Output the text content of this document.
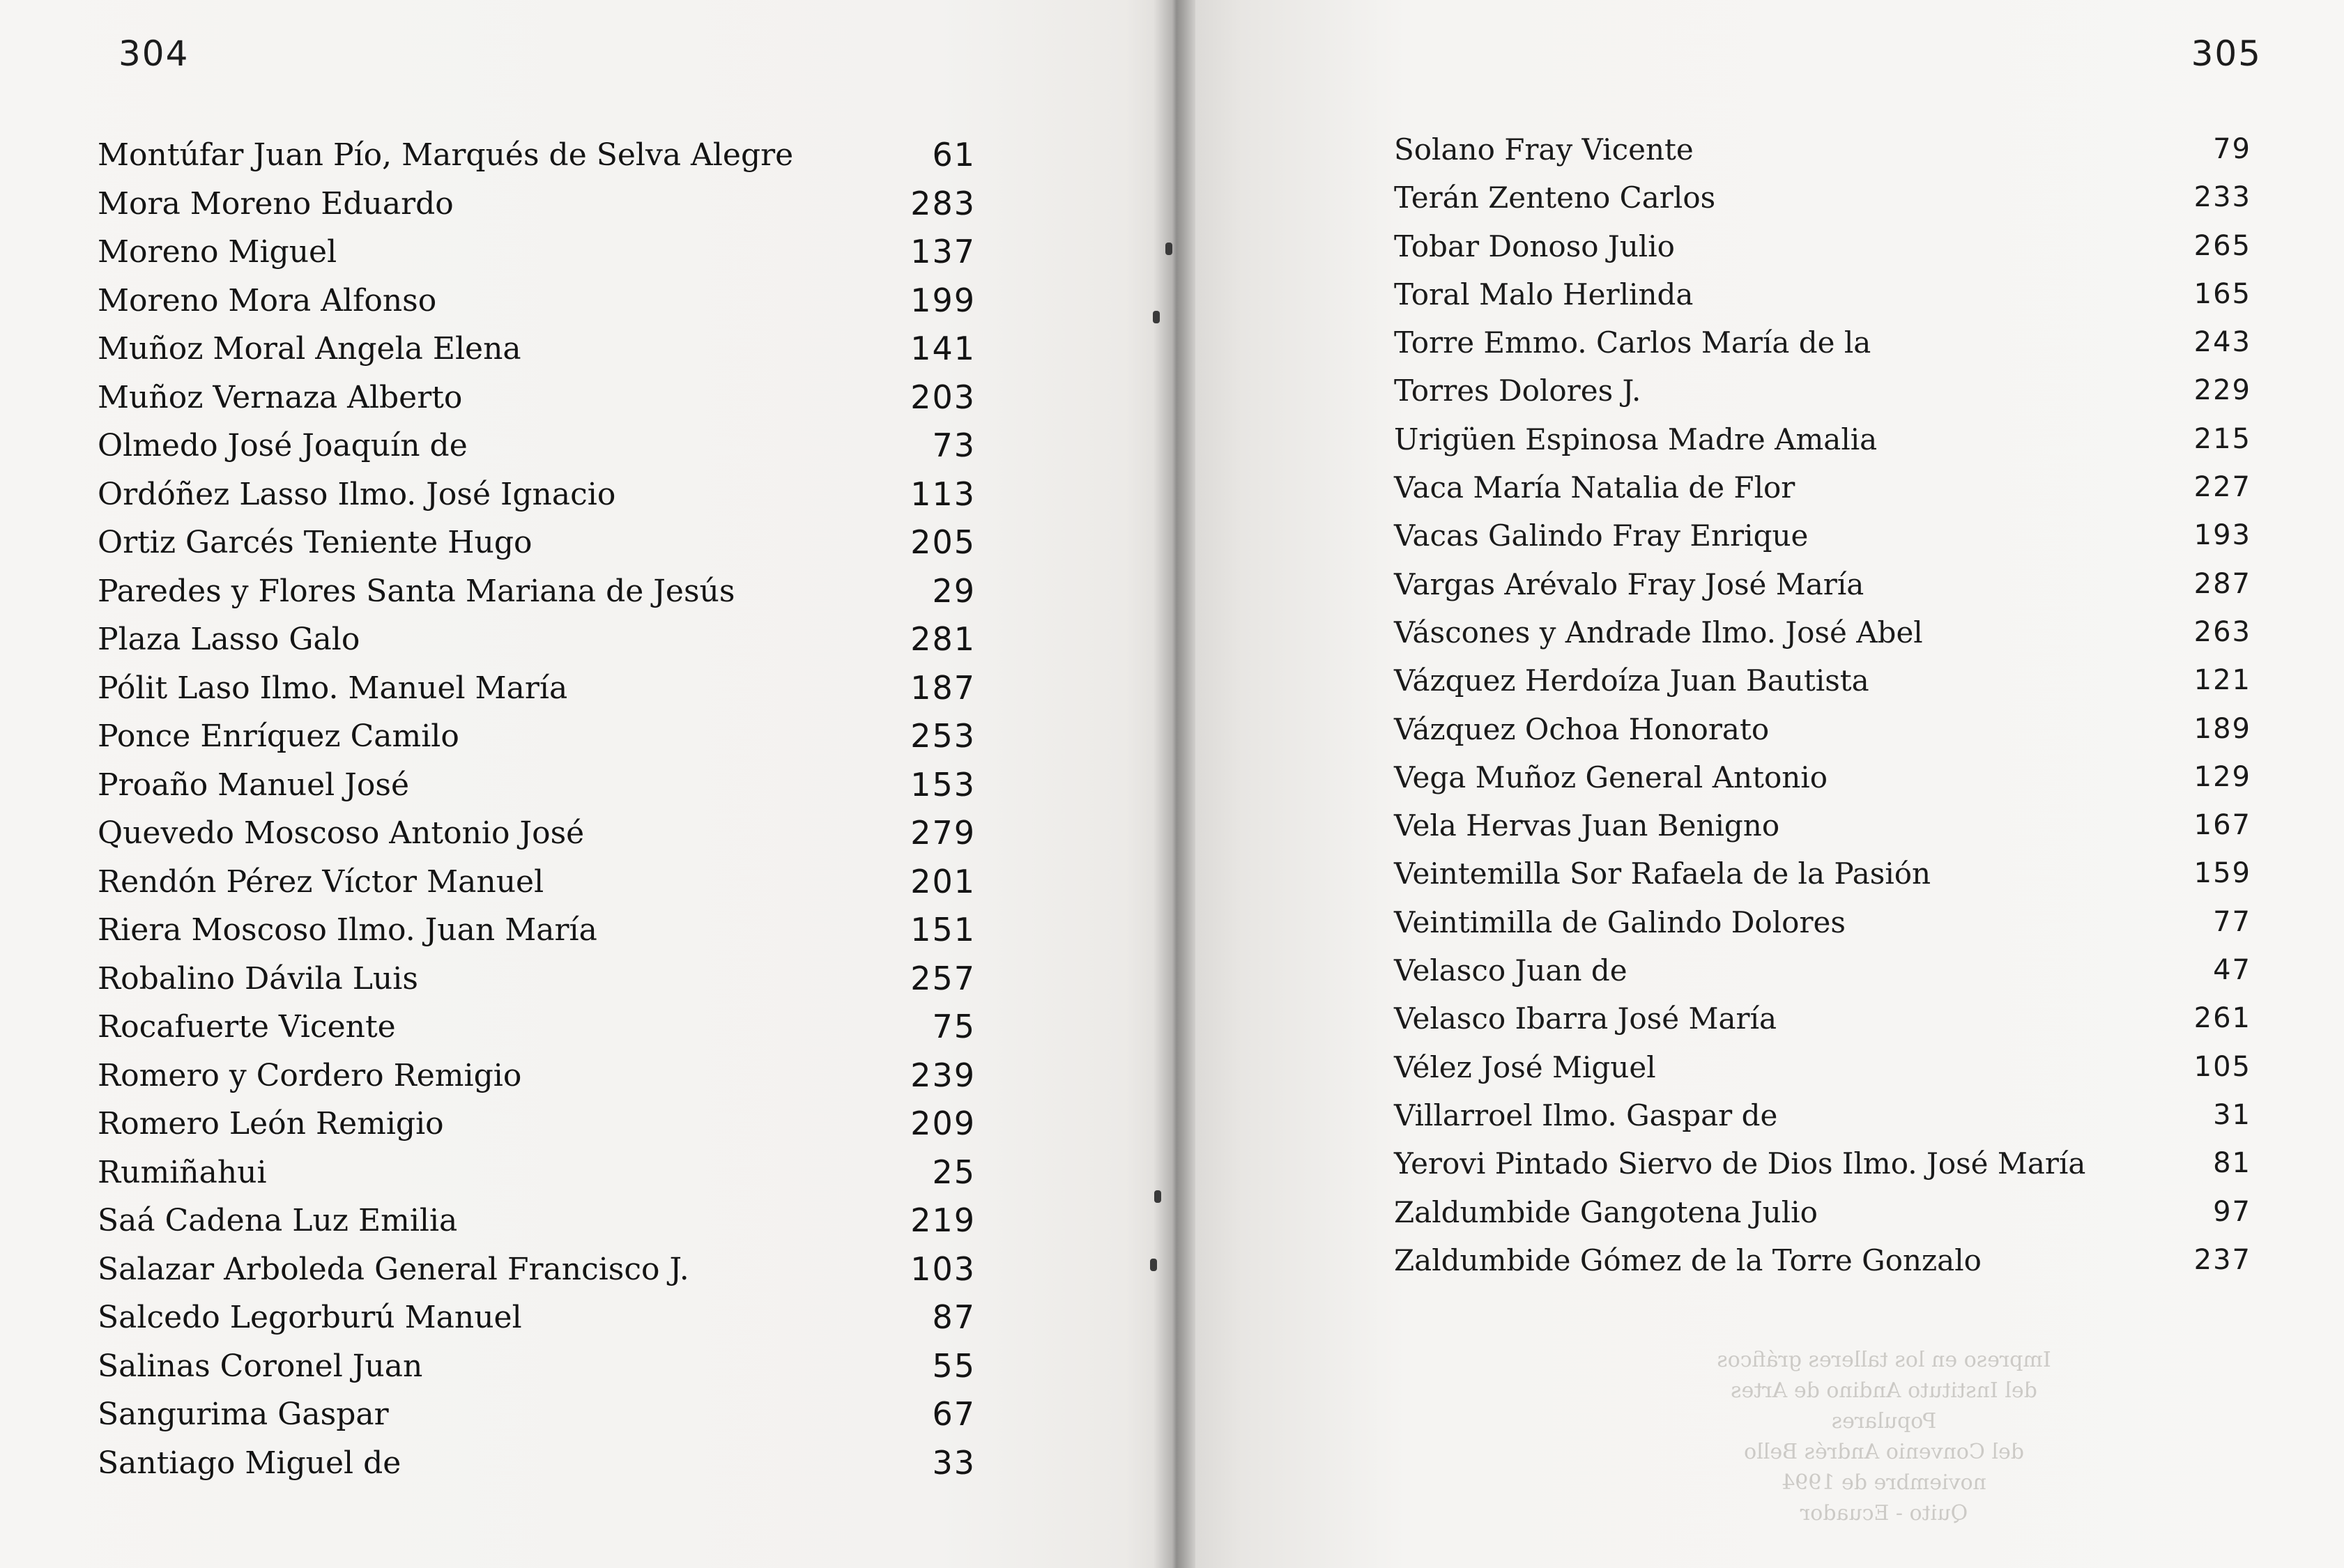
304
Montúfar Juan Pío, Marqués de Selva Alegre	61
Mora Moreno Eduardo	283
Moreno Miguel	137
Moreno Mora Alfonso	199
Muñoz Moral Angela Elena	141
Muñoz Vernaza Alberto	203
Olmedo José Joaquín de	73
Ordóñez Lasso Ilmo. José Ignacio	113
Ortiz Garcés Teniente Hugo	205
Paredes y Flores Santa Mariana de Jesús	29
Plaza Lasso Galo	281
Pólit Laso Ilmo. Manuel María	187
Ponce Enríquez Camilo	253
Proaño Manuel José	153
Quevedo Moscoso Antonio José	279
Rendón Pérez Víctor Manuel	201
Riera Moscoso Ilmo. Juan María	151
Robalino Dávila Luis	257
Rocafuerte Vicente	75
Romero y Cordero Remigio	239
Romero León Remigio	209
Rumiñahui	25
Saá Cadena Luz Emilia	219
Salazar Arboleda General Francisco J.	103
Salcedo Legorburú Manuel	87
Salinas Coronel Juan	55
Sangurima Gaspar	67
Santiago Miguel de	33
305
Solano Fray Vicente	79
Terán Zenteno Carlos	233
Tobar Donoso Julio	265
Toral Malo Herlinda	165
Torre Emmo. Carlos María de la	243
Torres Dolores J.	229
Urigüen Espinosa Madre Amalia	215
Vaca María Natalia de Flor	227
Vacas Galindo Fray Enrique	193
Vargas Arévalo Fray José María	287
Váscones y Andrade Ilmo. José Abel	263
Vázquez Herdoíza Juan Bautista	121
Vázquez Ochoa Honorato	189
Vega Muñoz General Antonio	129
Vela Hervas Juan Benigno	167
Veintemilla Sor Rafaela de la Pasión	159
Veintimilla de Galindo Dolores	77
Velasco Juan de	47
Velasco Ibarra José María	261
Vélez José Miguel	105
Villarroel Ilmo. Gaspar de	31
Yerovi Pintado Siervo de Dios Ilmo. José María	81
Zaldumbide Gangotena Julio	97
Zaldumbide Gómez de la Torre Gonzalo	237
Impreso en los talleres gráficos
del Instituto Andino de Artes Populares
del Convenio Andrés Bello
noviembre de 1994
Quito - Ecuador
